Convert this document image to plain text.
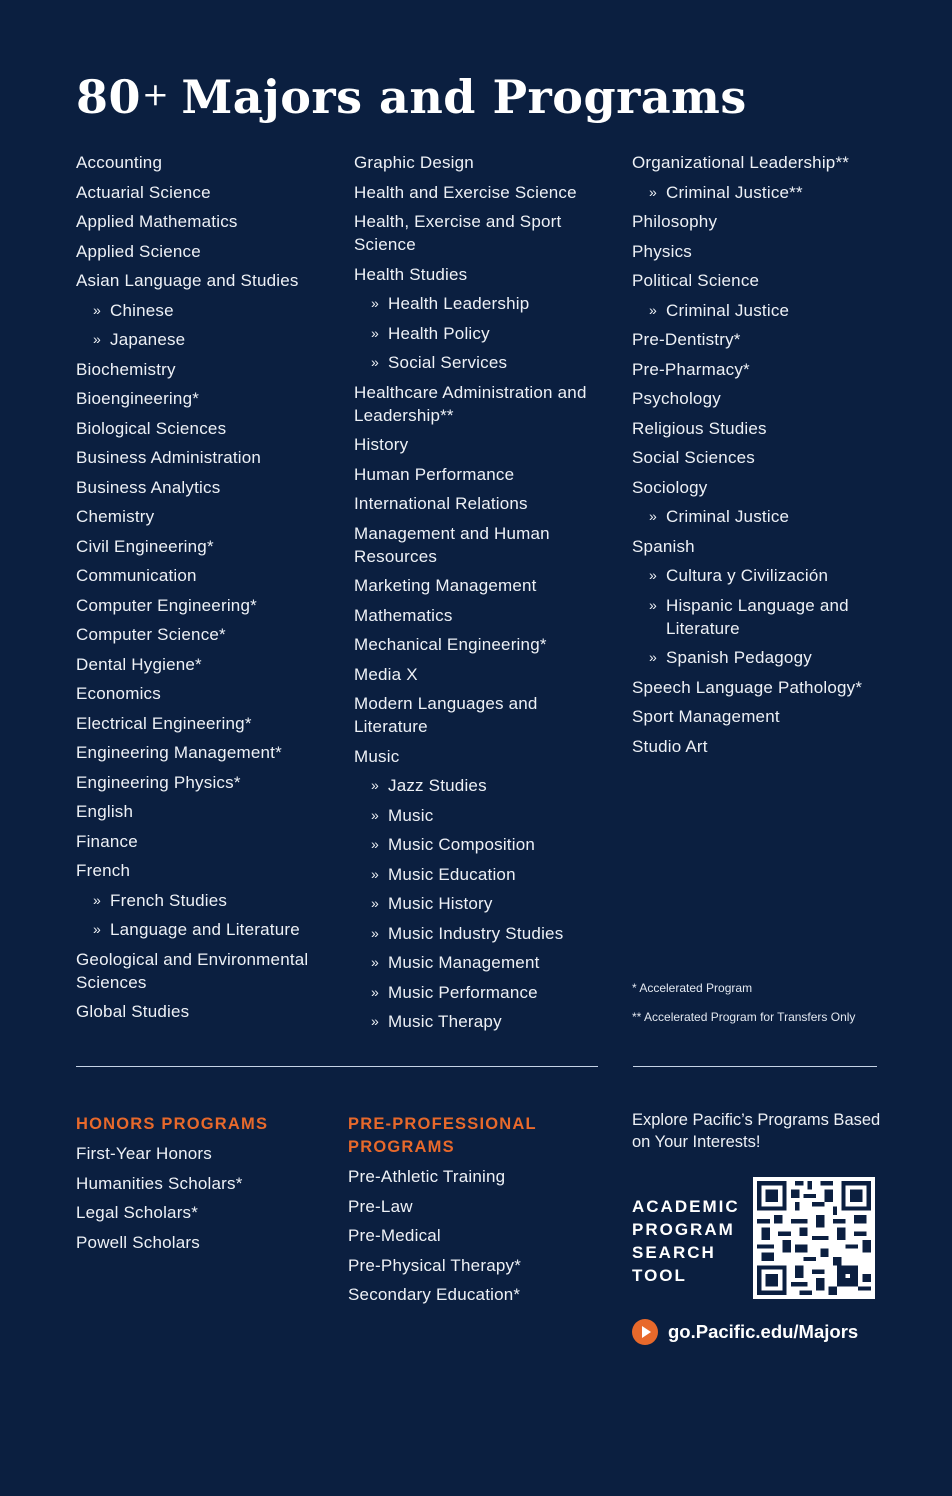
80+ Majors and Programs
Accounting
Actuarial Science
Applied Mathematics
Applied Science
Asian Language and Studies
» Chinese
» Japanese
Biochemistry
Bioengineering*
Biological Sciences
Business Administration
Business Analytics
Chemistry
Civil Engineering*
Communication
Computer Engineering*
Computer Science*
Dental Hygiene*
Economics
Electrical Engineering*
Engineering Management*
Engineering Physics*
English
Finance
French
» French Studies
» Language and Literature
Geological and Environmental Sciences
Global Studies
Graphic Design
Health and Exercise Science
Health, Exercise and Sport Science
Health Studies
» Health Leadership
» Health Policy
» Social Services
Healthcare Administration and Leadership**
History
Human Performance
International Relations
Management and Human Resources
Marketing Management
Mathematics
Mechanical Engineering*
Media X
Modern Languages and Literature
Music
» Jazz Studies
» Music
» Music Composition
» Music Education
» Music History
» Music Industry Studies
» Music Management
» Music Performance
» Music Therapy
Organizational Leadership**
» Criminal Justice**
Philosophy
Physics
Political Science
» Criminal Justice
Pre-Dentistry*
Pre-Pharmacy*
Psychology
Religious Studies
Social Sciences
Sociology
» Criminal Justice
Spanish
» Cultura y Civilización
» Hispanic Language and Literature
» Spanish Pedagogy
Speech Language Pathology*
Sport Management
Studio Art
* Accelerated Program
** Accelerated Program for Transfers Only
HONORS PROGRAMS
First-Year Honors
Humanities Scholars*
Legal Scholars*
Powell Scholars
PRE-PROFESSIONAL PROGRAMS
Pre-Athletic Training
Pre-Law
Pre-Medical
Pre-Physical Therapy*
Secondary Education*
Explore Pacific’s Programs Based on Your Interests!
ACADEMIC
PROGRAM
SEARCH
TOOL
go.Pacific.edu/Majors
